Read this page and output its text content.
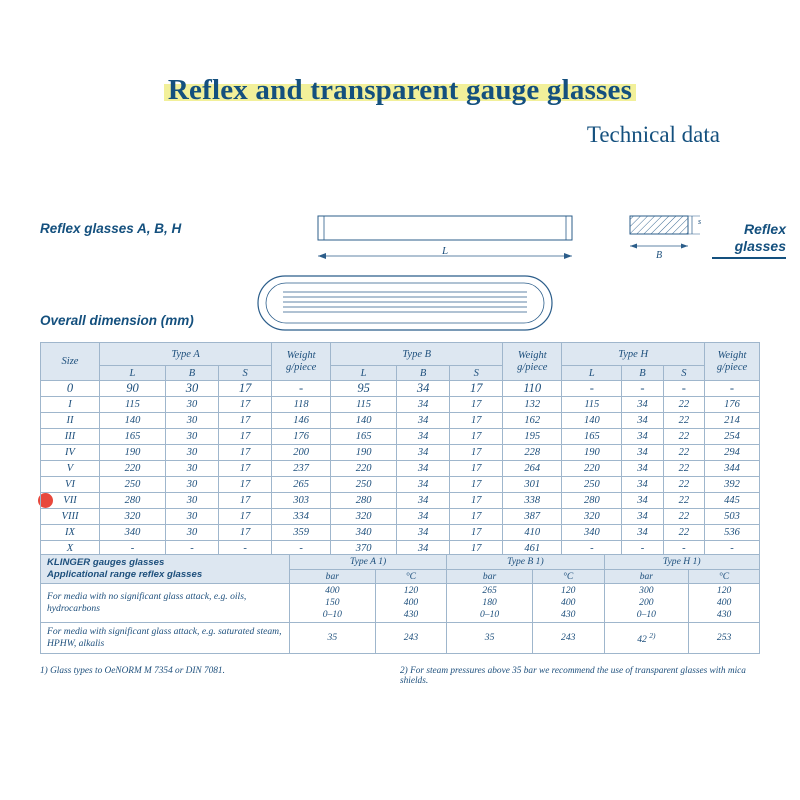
Reflex and transparent gauge glasses
Technical data
Reflex glasses A, B, H
Overall dimension (mm)
Reflex
glasses
L
s
B
Size	Type A			Weight
g/piece	Type B			Weight
g/piece	Type H			Weight
g/piece

	L	B	S		L	B	S		L	B	S	
0	90	30	17	-	95	34	17	110	-	-	-	-
I	115	30	17	118	115	34	17	132	115	34	22	176
II	140	30	17	146	140	34	17	162	140	34	22	214
III	165	30	17	176	165	34	17	195	165	34	22	254
IV	190	30	17	200	190	34	17	228	190	34	22	294
V	220	30	17	237	220	34	17	264	220	34	22	344
VI	250	30	17	265	250	34	17	301	250	34	22	392
VII	280	30	17	303	280	34	17	338	280	34	22	445
VIII	320	30	17	334	320	34	17	387	320	34	22	503
IX	340	30	17	359	340	34	17	410	340	34	22	536
X	-	-	-	-	370	34	17	461	-	-	-	-
KLINGER gauges glasses
Applicational range reflex glasses	Type A 1)		Type B 1)		Type H 1)	
	bar	°C	bar	°C	bar	°C
For media with no significant glass attack, e.g. oils, hydrocarbons	400
150
0–10	120
400
430	265
180
0–10	120
400
430	300
200
0–10	120
400
430

For media with significant glass attack, e.g. saturated steam, HPHW, alkalis	35	243	35	243	42 $^{2)}$	253
1) Glass types to OeNORM M 7354 or DIN 7081.	2) For steam pressures above 35 bar we recommend the use of transparent glasses with mica shields.
